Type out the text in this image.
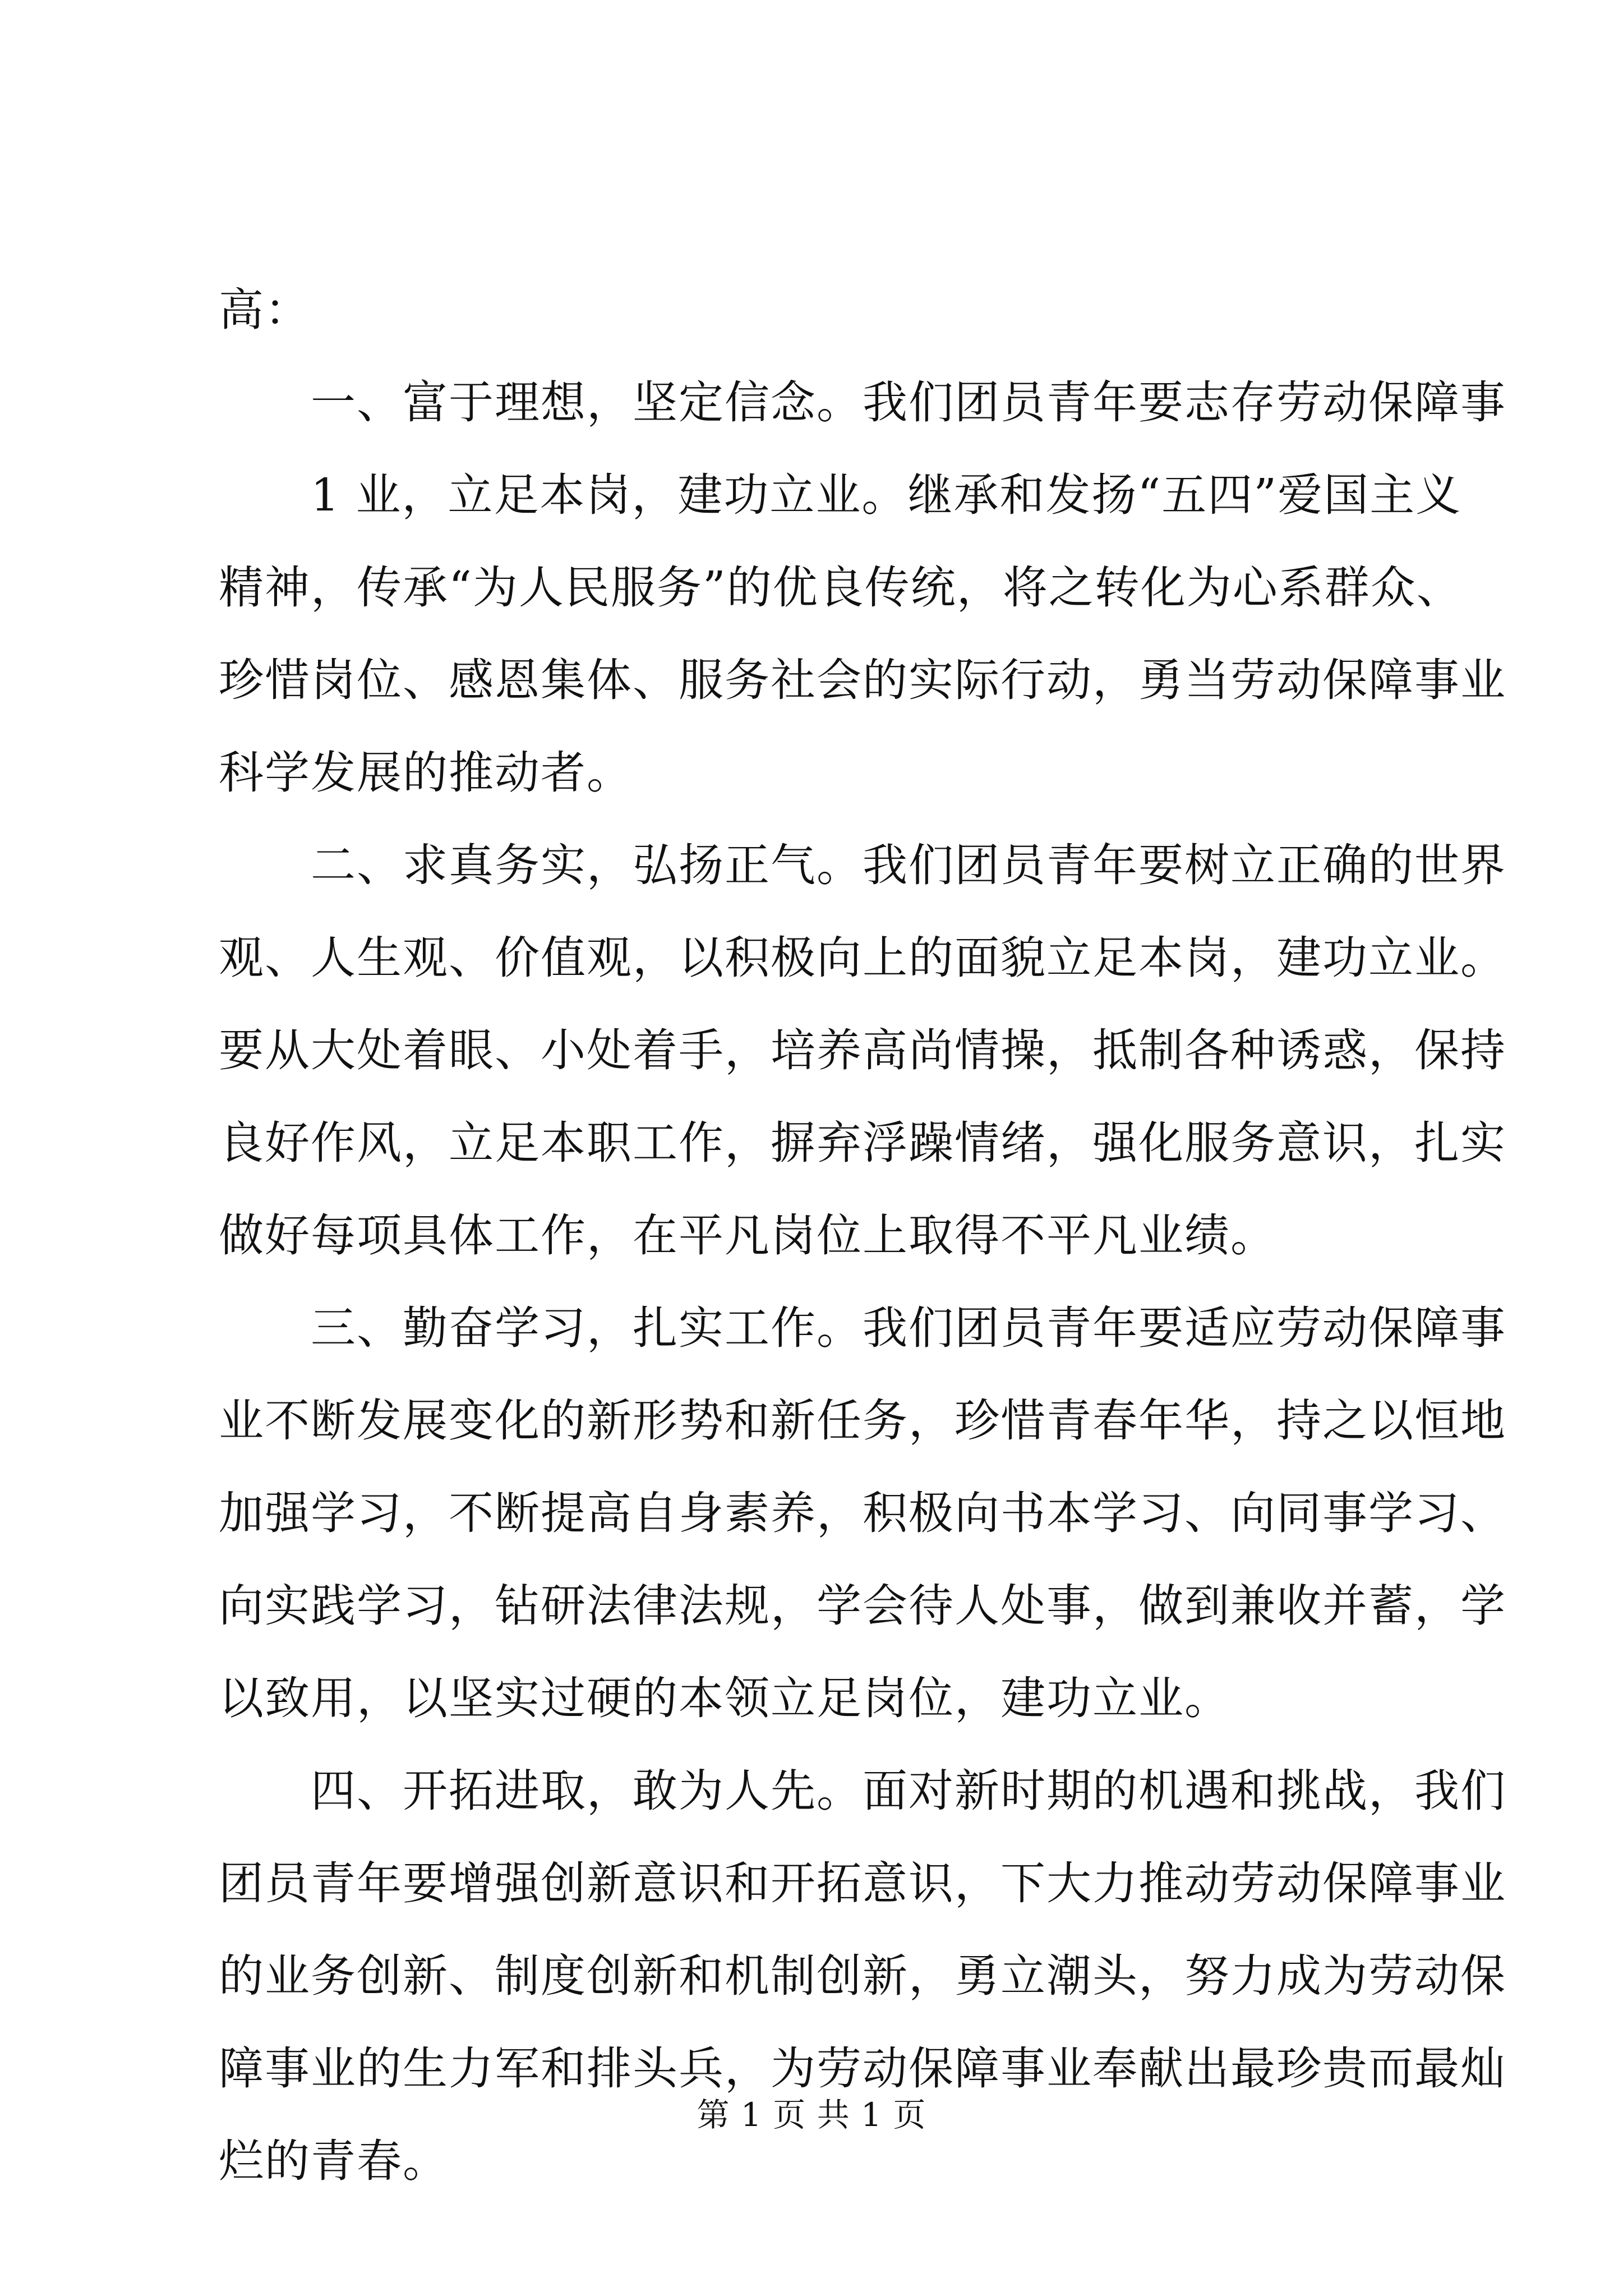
高：
一、富于理想，坚定信念。我们团员青年要志存劳动保障事
1 业，立足本岗，建功立业。继承和发扬“五四”爱国主义
精神，传承“为人民服务”的优良传统，将之转化为心系群众、
珍惜岗位、感恩集体、服务社会的实际行动，勇当劳动保障事业
科学发展的推动者。
二、求真务实，弘扬正气。我们团员青年要树立正确的世界
观、人生观、价值观，以积极向上的面貌立足本岗，建功立业。
要从大处着眼、小处着手，培养高尚情操，抵制各种诱惑，保持
良好作风，立足本职工作，摒弃浮躁情绪，强化服务意识，扎实
做好每项具体工作，在平凡岗位上取得不平凡业绩。
三、勤奋学习，扎实工作。我们团员青年要适应劳动保障事
业不断发展变化的新形势和新任务，珍惜青春年华，持之以恒地
加强学习，不断提高自身素养，积极向书本学习、向同事学习、
向实践学习，钻研法律法规，学会待人处事，做到兼收并蓄，学
以致用，以坚实过硬的本领立足岗位，建功立业。
四、开拓进取，敢为人先。面对新时期的机遇和挑战，我们
团员青年要增强创新意识和开拓意识，下大力推动劳动保障事业
的业务创新、制度创新和机制创新，勇立潮头，努力成为劳动保
障事业的生力军和排头兵，为劳动保障事业奉献出最珍贵而最灿
烂的青春。
第 1 页 共 1 页
